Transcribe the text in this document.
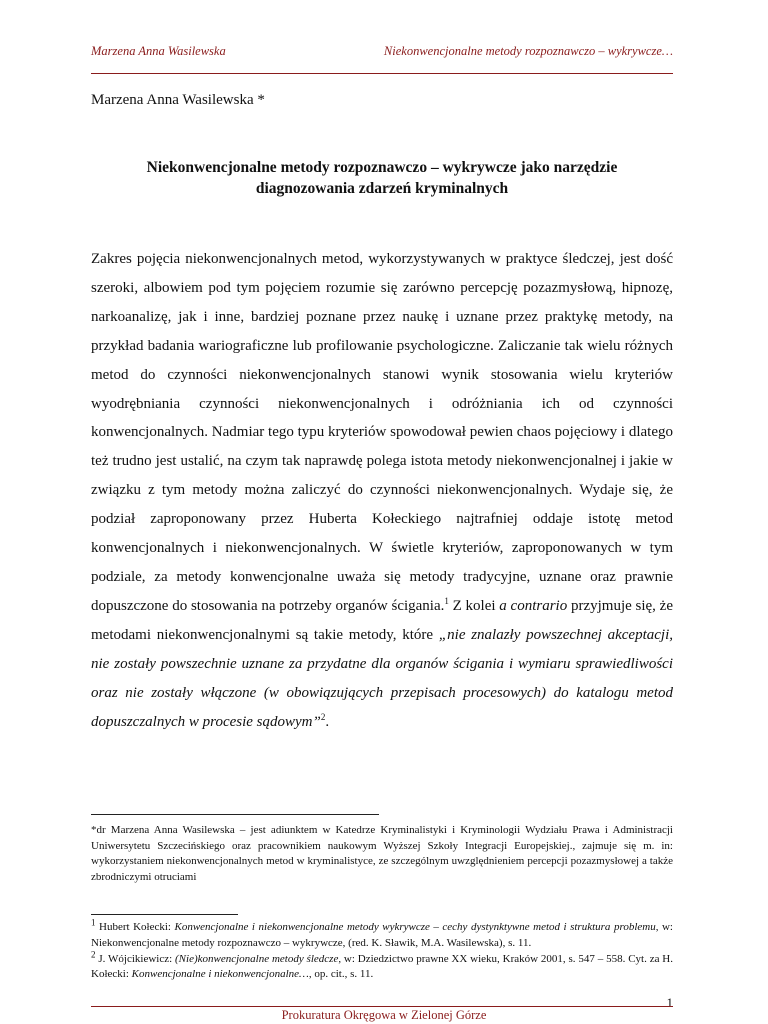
Marzena Anna Wasilewska	Niekonwencjonalne metody rozpoznawczo – wykrywcze…
Marzena Anna Wasilewska *
Niekonwencjonalne metody rozpoznawczo – wykrywcze jako narzędzie
diagnozowania zdarzeń kryminalnych

Zakres pojęcia niekonwencjonalnych metod, wykorzystywanych w praktyce śledczej, jest dość szeroki, albowiem pod tym pojęciem rozumie się zarówno percepcję pozazmysłową, hipnozę, narkoanalizę, jak i inne, bardziej poznane przez naukę i uznane przez praktykę metody, na przykład badania wariograficzne lub profilowanie psychologiczne. Zaliczanie tak wielu różnych metod do czynności niekonwencjonalnych stanowi wynik stosowania wielu kryteriów wyodrębniania czynności niekonwencjonalnych i odróżniania ich od czynności konwencjonalnych. Nadmiar tego typu kryteriów spowodował pewien chaos pojęciowy i dlatego też trudno jest ustalić, na czym tak naprawdę polega istota metody niekonwencjonalnej i jakie w związku z tym metody można zaliczyć do czynności niekonwencjonalnych. Wydaje się, że podział zaproponowany przez Huberta Kołeckiego najtrafniej oddaje istotę metod konwencjonalnych i niekonwencjonalnych. W świetle kryteriów, zaproponowanych w tym podziale, za metody konwencjonalne uważa się metody tradycyjne, uznane oraz prawnie dopuszczone do stosowania na potrzeby organów ścigania.$^1$ Z kolei a contrario przyjmuje się, że metodami niekonwencjonalnymi są takie metody, które „nie znalazły powszechnej akceptacji, nie zostały powszechnie uznane za przydatne dla organów ścigania i wymiaru sprawiedliwości oraz nie zostały włączone (w obowiązujących przepisach procesowych) do katalogu metod dopuszczalnych w procesie sądowym”$^2$.

*dr Marzena Anna Wasilewska – jest adiunktem w Katedrze Kryminalistyki i Kryminologii Wydziału Prawa i Administracji Uniwersytetu Szczecińskiego oraz pracownikiem naukowym Wyższej Szkoły Integracji Europejskiej., zajmuje się m. in: wykorzystaniem niekonwencjonalnych metod w kryminalistyce, ze szczególnym uwzględnieniem percepcji pozazmysłowej a także zbrodniczymi otruciami

$^1$ Hubert Kołecki: Konwencjonalne i niekonwencjonalne metody wykrywcze – cechy dystynktywne metod i struktura problemu, w: Niekonwencjonalne metody rozpoznawczo – wykrywcze, (red. K. Sławik, M.A. Wasilewska), s. 11.

$^2$ J. Wójcikiewicz: (Nie)konwencjonalne metody śledcze, w: Dziedzictwo prawne XX wieku, Kraków 2001, s. 547 – 558. Cyt. za H. Kołecki: Konwencjonalne i niekonwencjonalne…, op. cit., s. 11.

1
Prokuratura Okręgowa w Zielonej Górze
